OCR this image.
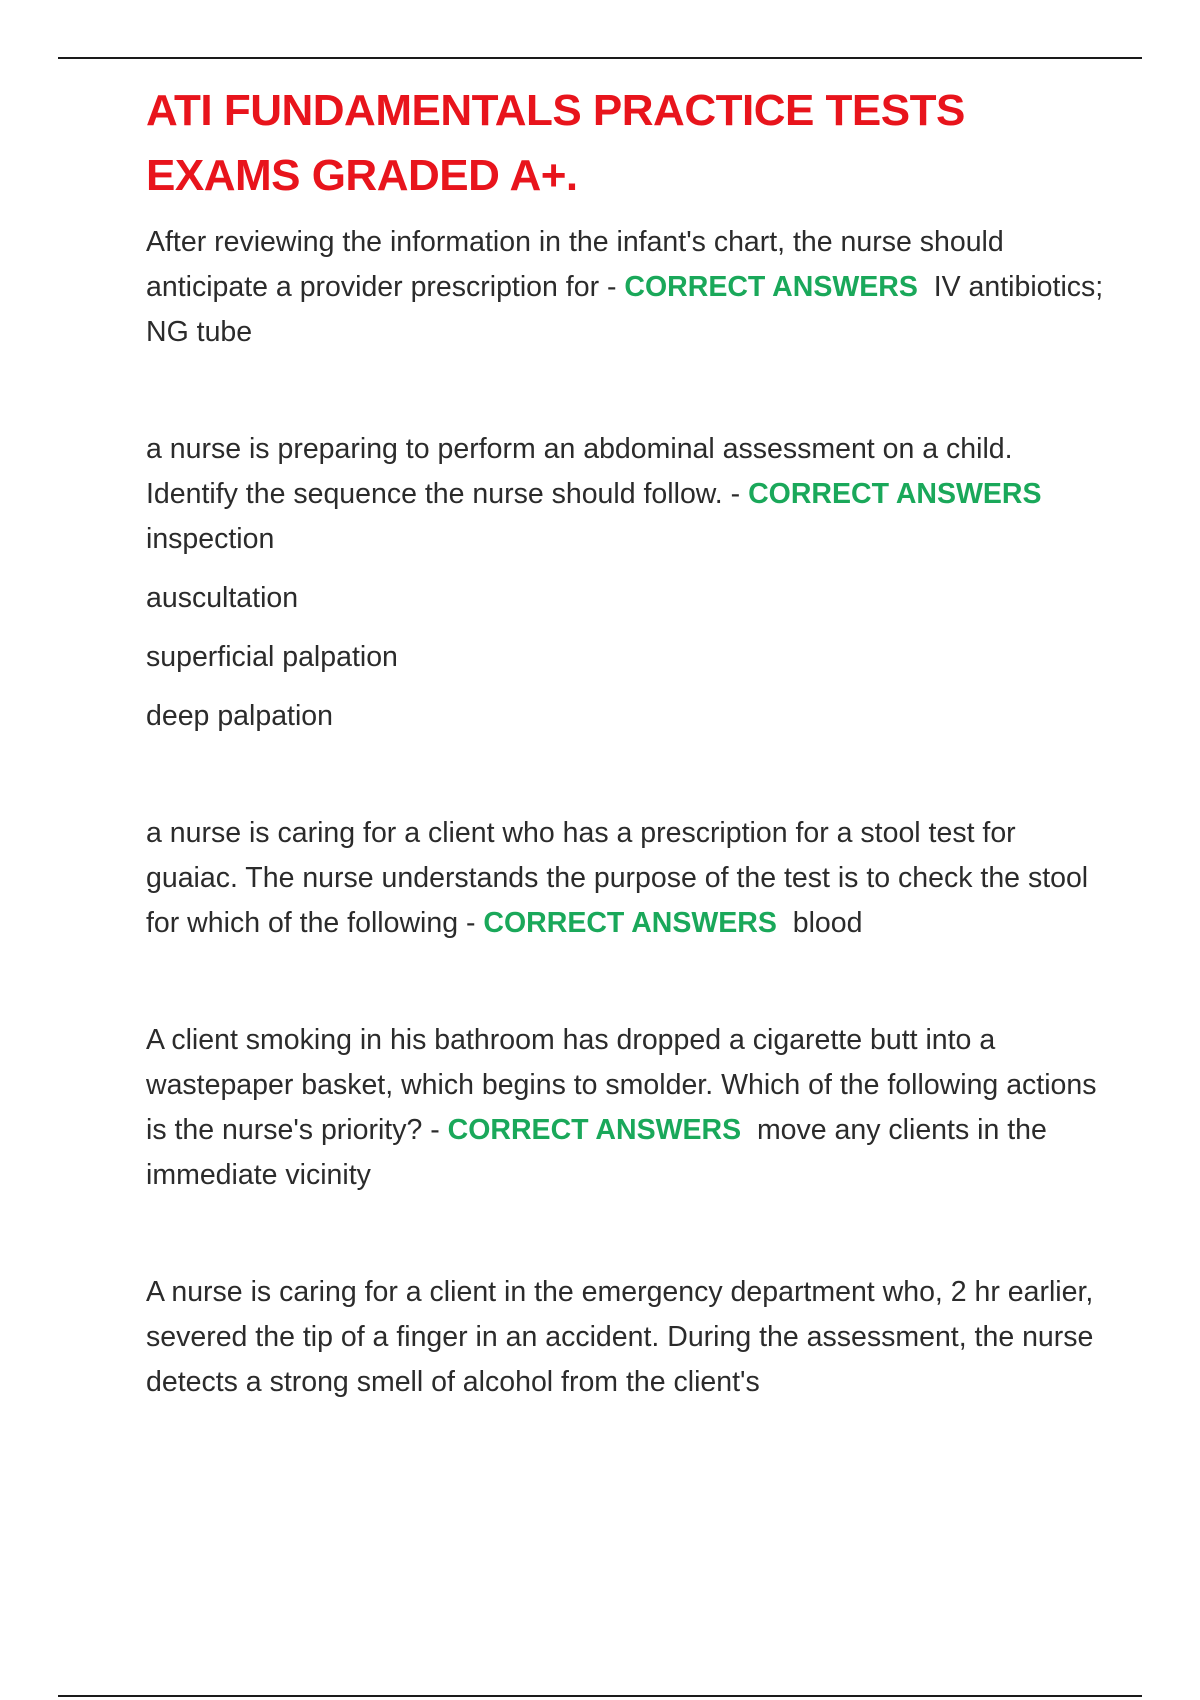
ATI FUNDAMENTALS PRACTICE TESTS
EXAMS GRADED A+.

After reviewing the information in the infant's chart, the nurse should anticipate a provider prescription for - CORRECT ANSWERS IV antibiotics; NG tube

a nurse is preparing to perform an abdominal assessment on a child. Identify the sequence the nurse should follow. - CORRECT ANSWERS inspection

auscultation
superficial palpation
deep palpation

a nurse is caring for a client who has a prescription for a stool test for guaiac. The nurse understands the purpose of the test is to check the stool for which of the following - CORRECT ANSWERS blood

A client smoking in his bathroom has dropped a cigarette butt into a wastepaper basket, which begins to smolder. Which of the following actions is the nurse's priority? - CORRECT ANSWERS move any clients in the immediate vicinity

A nurse is caring for a client in the emergency department who, 2 hr earlier, severed the tip of a finger in an accident. During the assessment, the nurse detects a strong smell of alcohol from the client's
